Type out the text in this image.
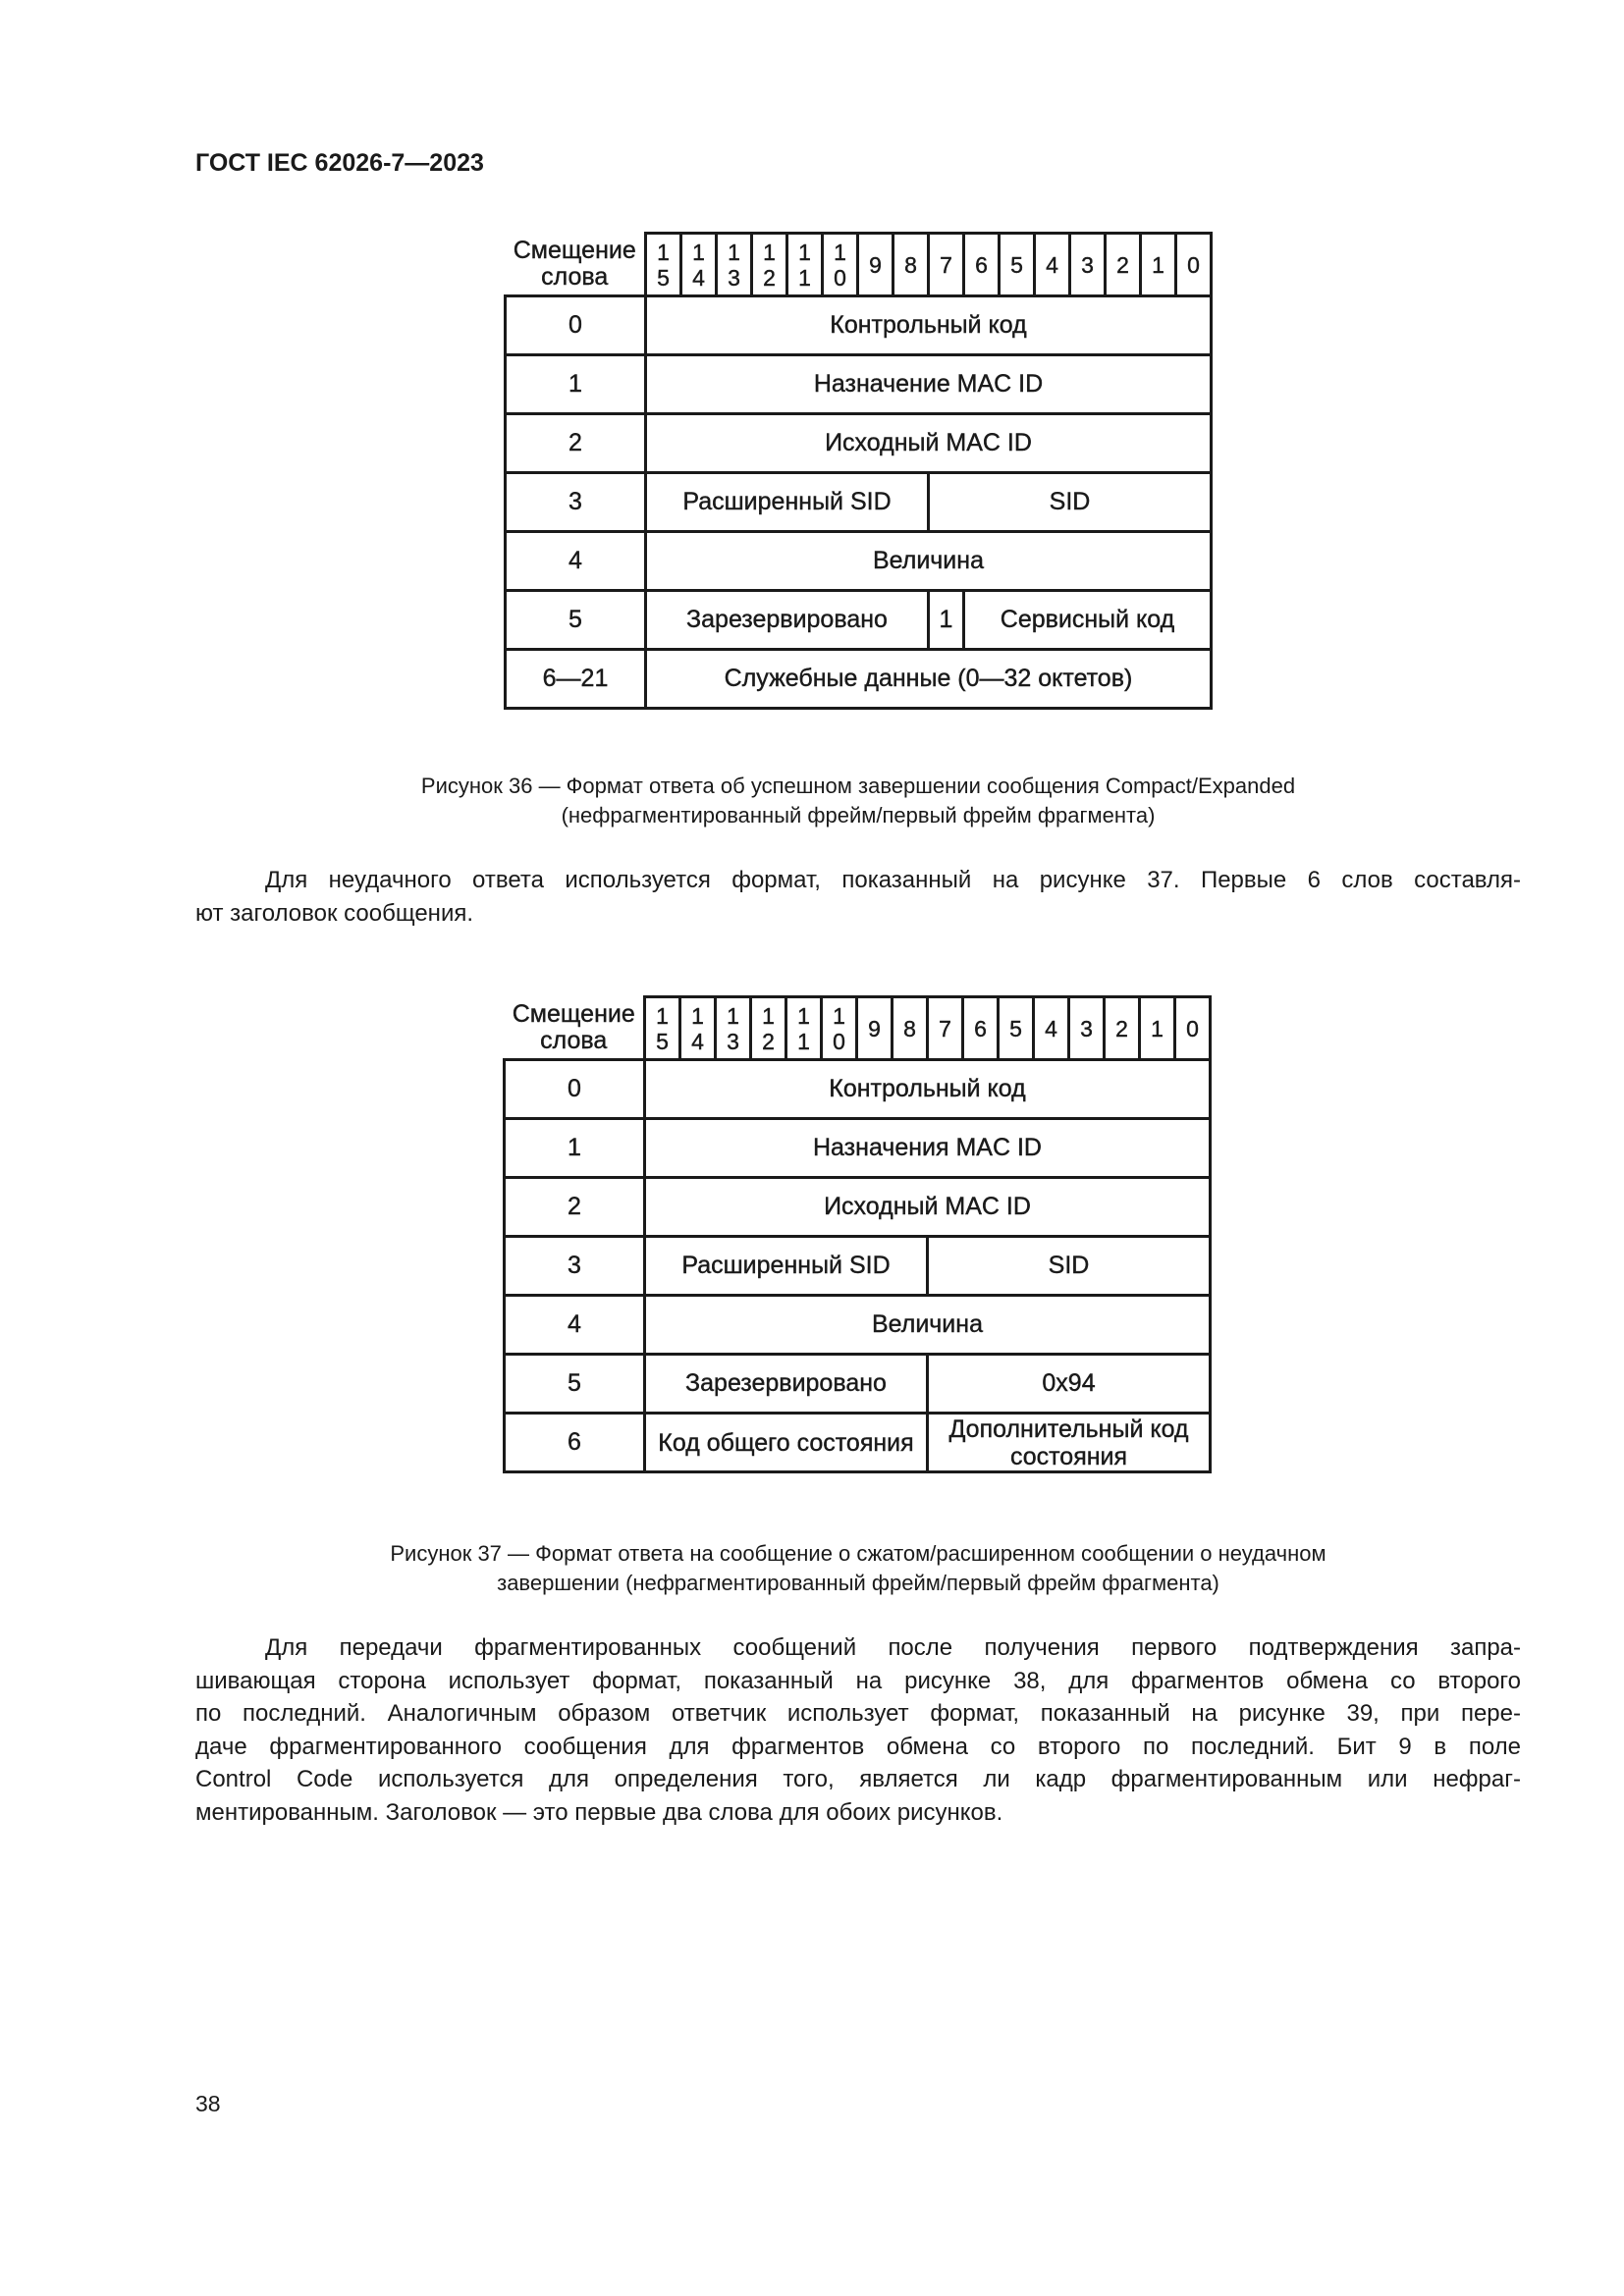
ГОСТ IEC 62026-7—2023
Смещение слова	15	14	13	12	11	10	9	8	7	6	5	4	3	2	1	0
0	Контрольный код															
1	Назначение MAC ID															
2	Исходный MAC ID															
3	Расширенный SID								SID							
4	Величина															
5	Зарезервировано								1	Сервисный код						
6—21	Служебные данные (0—32 октетов)															
Рисунок 36 — Формат ответа об успешном завершении сообщения Compact/Expanded
(нефрагментированный фрейм/первый фрейм фрагмента)
Для неудачного ответа используется формат, показанный на рисунке 37. Первые 6 слов составля-
ют заголовок сообщения.
Смещение слова	15	14	13	12	11	10	9	8	7	6	5	4	3	2	1	0
0	Контрольный код															
1	Назначения MAC ID															
2	Исходный MAC ID															
3	Расширенный SID								SID							
4	Величина															
5	Зарезервировано								0x94							
6	Код общего состояния								Дополнительный код состояния							
Рисунок 37 — Формат ответа на сообщение о сжатом/расширенном сообщении о неудачном
завершении (нефрагментированный фрейм/первый фрейм фрагмента)
Для передачи фрагментированных сообщений после получения первого подтверждения запра-
шивающая сторона использует формат, показанный на рисунке 38, для фрагментов обмена со второго
по последний. Аналогичным образом ответчик использует формат, показанный на рисунке 39, при пере-
даче фрагментированного сообщения для фрагментов обмена со второго по последний. Бит 9 в поле
Control Code используется для определения того, является ли кадр фрагментированным или нефраг-
ментированным. Заголовок — это первые два слова для обоих рисунков.
38
